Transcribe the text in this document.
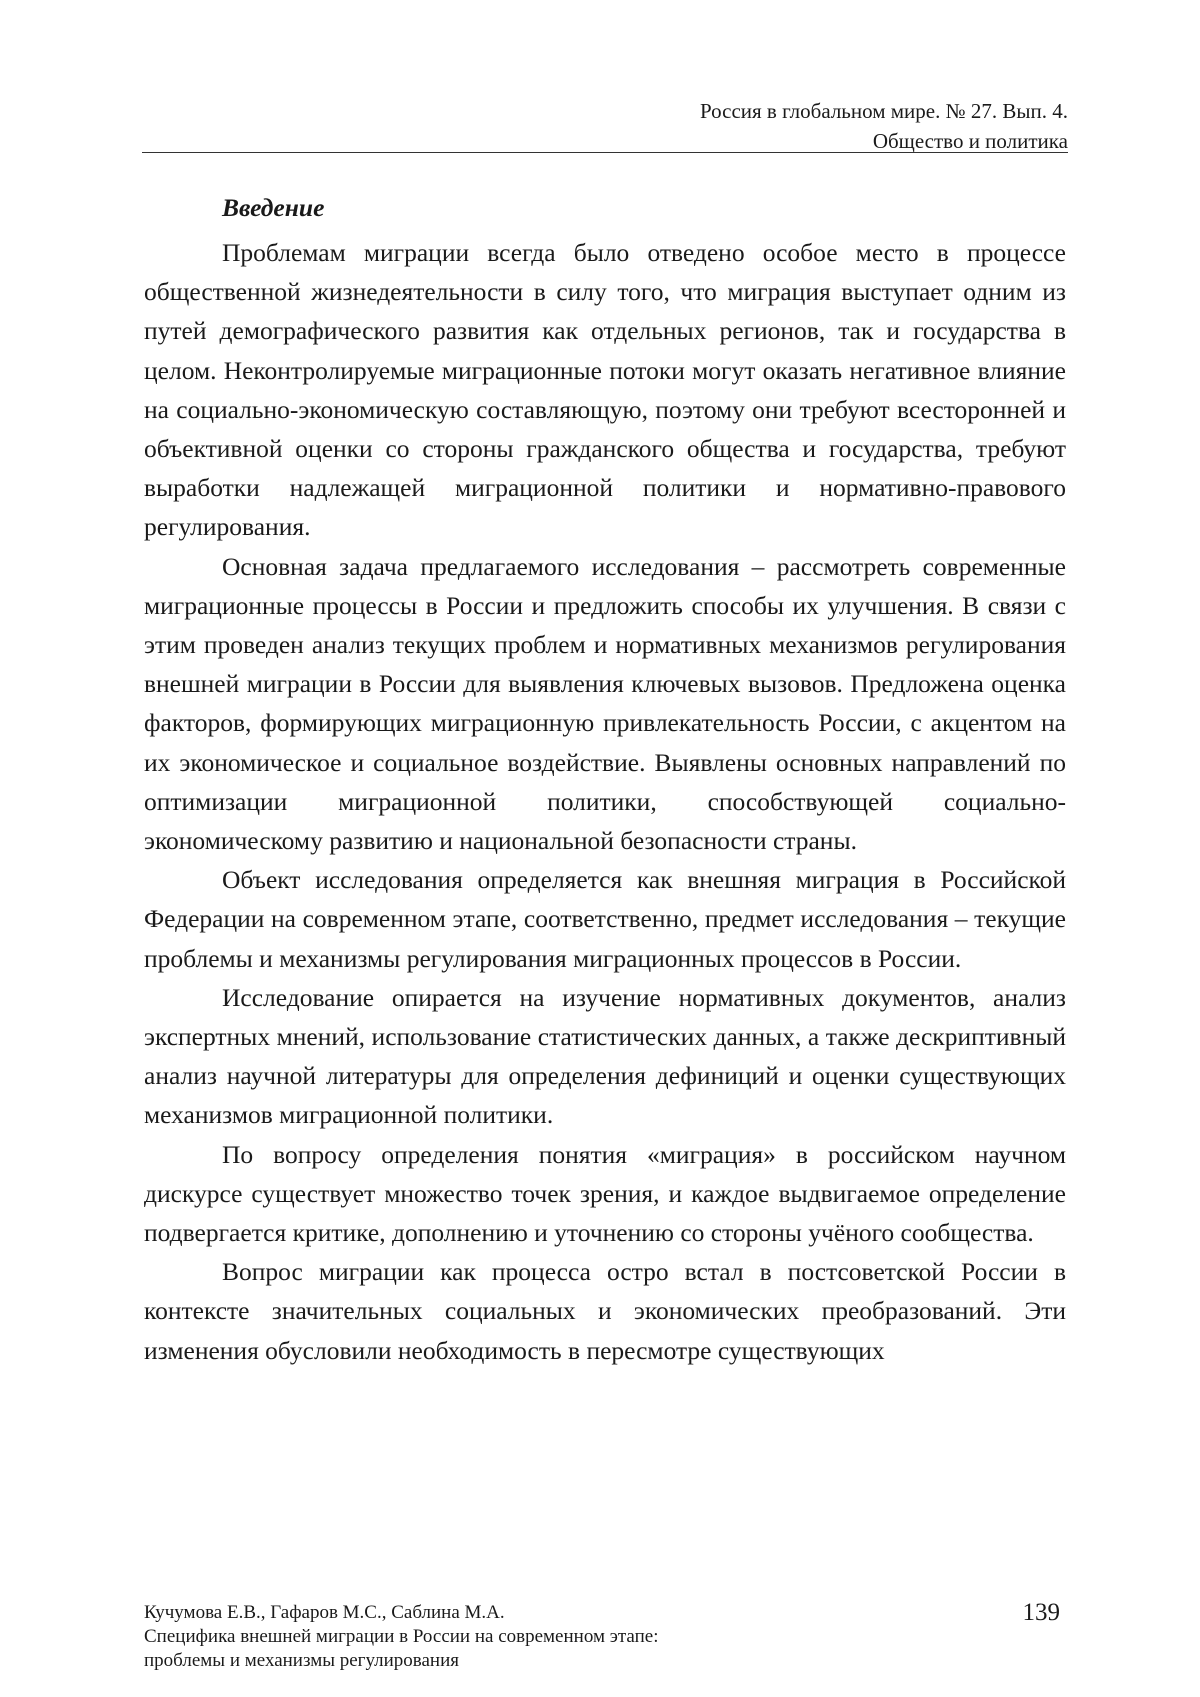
Россия в глобальном мире. № 27. Вып. 4.
Общество и политика

Введение

Проблемам миграции всегда было отведено особое место в процессе общественной жизнедеятельности в силу того, что миграция выступает одним из путей демографического развития как отдельных регионов, так и государства в целом. Неконтролируемые миграционные потоки могут оказать негативное влияние на социально-экономическую составляющую, поэтому они требуют всесторонней и объективной оценки со стороны гражданского общества и государства, требуют выработки надлежащей миграционной политики и нормативно-правового регулирования.

Основная задача предлагаемого исследования – рассмотреть современные миграционные процессы в России и предложить способы их улучшения. В связи с этим проведен анализ текущих проблем и нормативных механизмов регулирования внешней миграции в России для выявления ключевых вызовов. Предложена оценка факторов, формирующих миграционную привлекательность России, с акцентом на их экономическое и социальное воздействие. Выявлены основных направлений по оптимизации миграционной политики, способствующей социально-экономическому развитию и национальной безопасности страны.

Объект исследования определяется как внешняя миграция в Российской Федерации на современном этапе, соответственно, предмет исследования – текущие проблемы и механизмы регулирования миграционных процессов в России.

Исследование опирается на изучение нормативных документов, анализ экспертных мнений, использование статистических данных, а также дескриптивный анализ научной литературы для определения дефиниций и оценки существующих механизмов миграционной политики.

По вопросу определения понятия «миграция» в российском научном дискурсе существует множество точек зрения, и каждое выдвигаемое определение подвергается критике, дополнению и уточнению со стороны учёного сообщества.

Вопрос миграции как процесса остро встал в постсоветской России в контексте значительных социальных и экономических преобразований. Эти изменения обусловили необходимость в пересмотре существующих

Кучумова Е.В., Гафаров М.С., Саблина М.А.
Специфика внешней миграции в России на современном этапе:
проблемы и механизмы регулирования
139
